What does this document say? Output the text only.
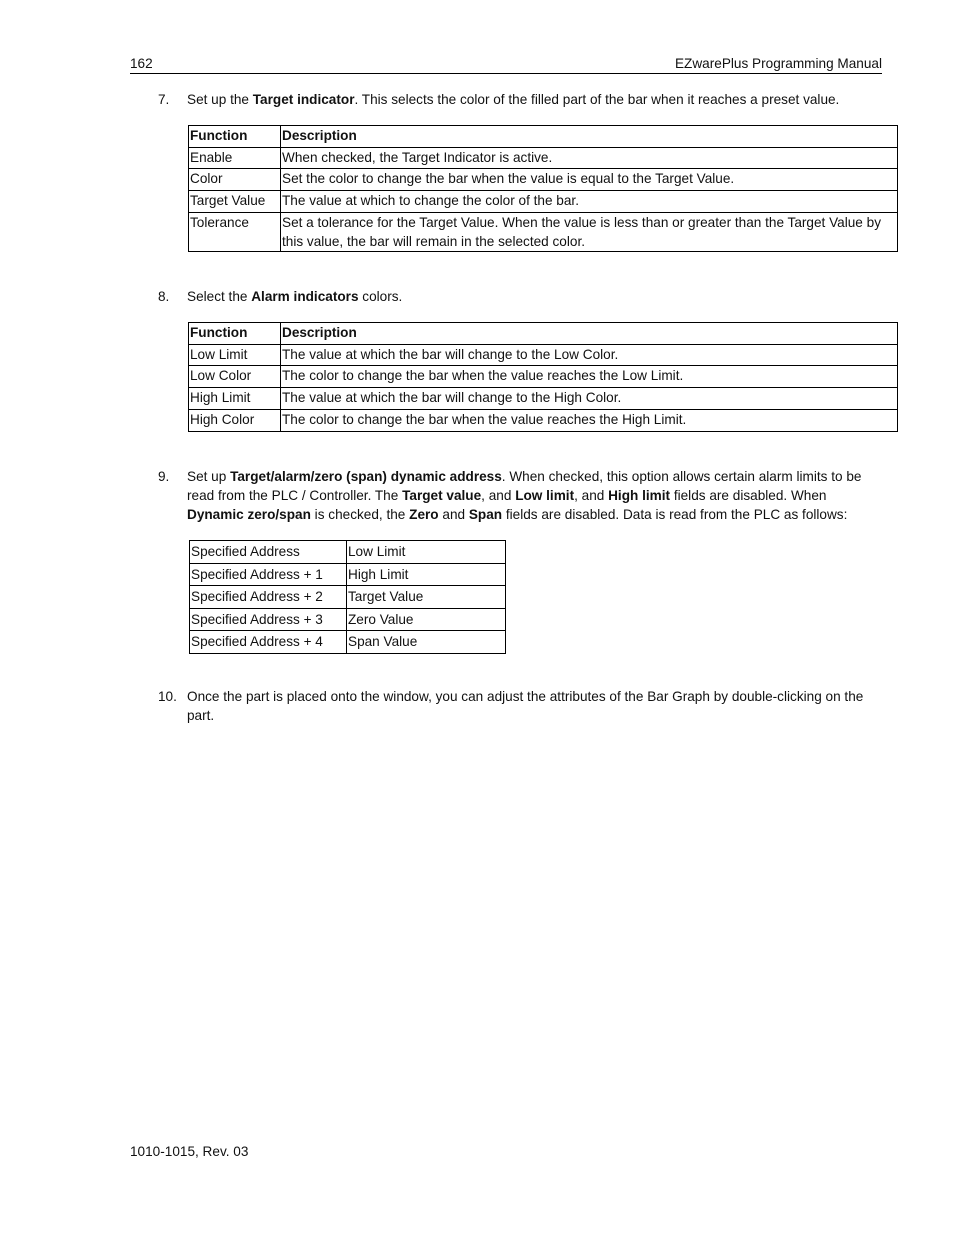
162	EZwarePlus Programming Manual
7. Set up the Target indicator. This selects the color of the filled part of the bar when it reaches a preset value.
Function	Description
Enable	When checked, the Target Indicator is active.
Color	Set the color to change the bar when the value is equal to the Target Value.
Target Value	The value at which to change the color of the bar.
Tolerance	Set a tolerance for the Target Value. When the value is less than or greater than the Target Value by this value, the bar will remain in the selected color.
8. Select the Alarm indicators colors.
Function	Description
Low Limit	The value at which the bar will change to the Low Color.
Low Color	The color to change the bar when the value reaches the Low Limit.
High Limit	The value at which the bar will change to the High Color.
High Color	The color to change the bar when the value reaches the High Limit.
9. Set up Target/alarm/zero (span) dynamic address. When checked, this option allows certain alarm limits to be read from the PLC / Controller. The Target value, and Low limit, and High limit fields are disabled. When Dynamic zero/span is checked, the Zero and Span fields are disabled. Data is read from the PLC as follows:
Specified Address	Low Limit
Specified Address + 1	High Limit
Specified Address + 2	Target Value
Specified Address + 3	Zero Value
Specified Address + 4	Span Value
10. Once the part is placed onto the window, you can adjust the attributes of the Bar Graph by double-clicking on the part.
1010-1015, Rev. 03
